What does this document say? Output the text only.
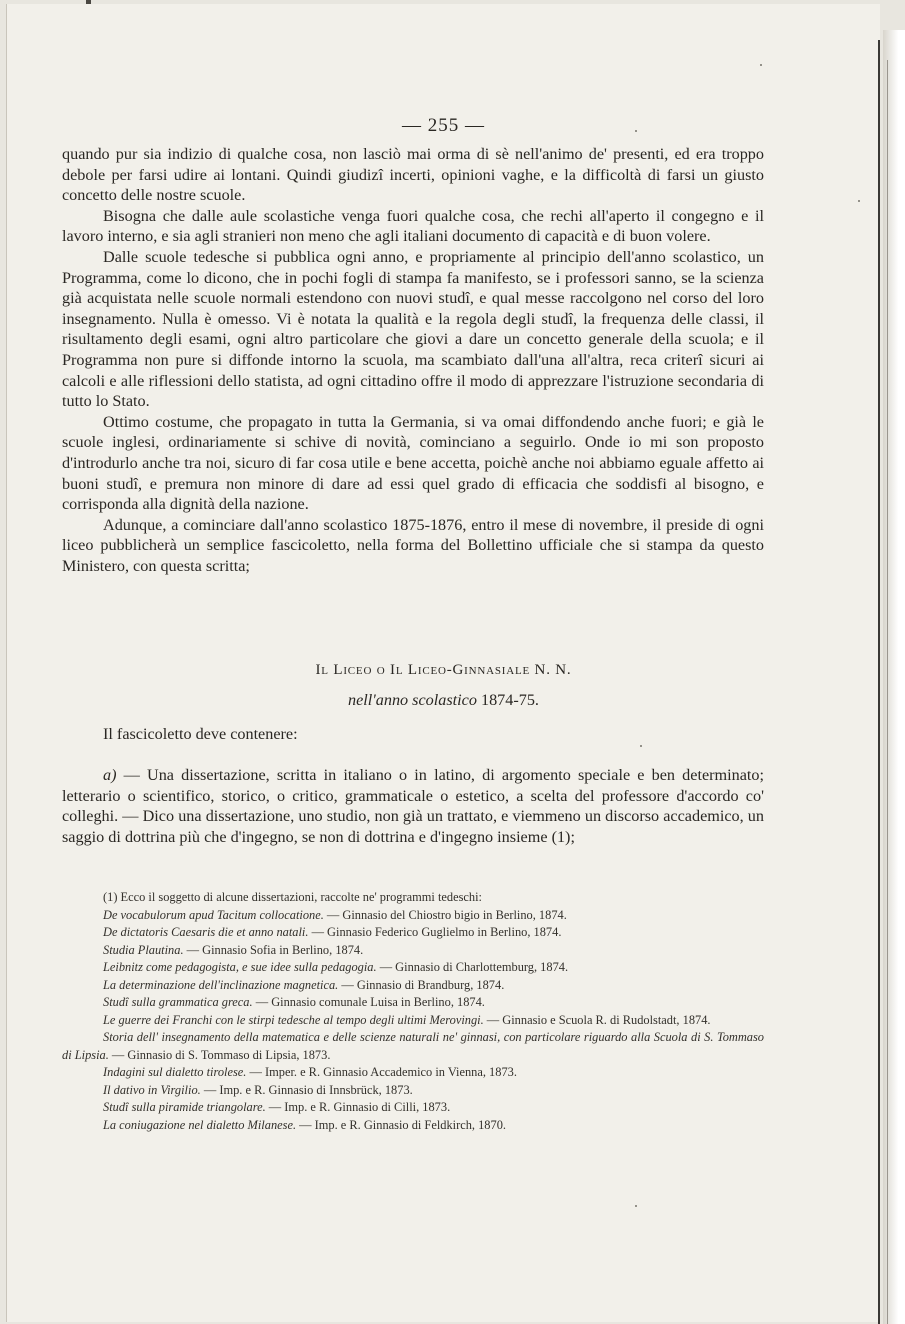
— 255 —

quando pur sia indizio di qualche cosa, non lasciò mai orma di sè nell'animo de' presenti, ed era troppo debole per farsi udire ai lontani. Quindi giudizî incerti, opinioni vaghe, e la difficoltà di farsi un giusto concetto delle nostre scuole.

Bisogna che dalle aule scolastiche venga fuori qualche cosa, che rechi all'aperto il congegno e il lavoro interno, e sia agli stranieri non meno che agli italiani documento di capacità e di buon volere.

Dalle scuole tedesche si pubblica ogni anno, e propriamente al principio dell'anno scolastico, un Programma, come lo dicono, che in pochi fogli di stampa fa manifesto, se i professori sanno, se la scienza già acquistata nelle scuole normali estendono con nuovi studî, e qual messe raccolgono nel corso del loro insegnamento. Nulla è omesso. Vi è notata la qualità e la regola degli studî, la frequenza delle classi, il risultamento degli esami, ogni altro particolare che giovi a dare un concetto generale della scuola; e il Programma non pure si diffonde intorno la scuola, ma scambiato dall'una all'altra, reca criterî sicuri ai calcoli e alle riflessioni dello statista, ad ogni cittadino offre il modo di apprezzare l'istruzione secondaria di tutto lo Stato.

Ottimo costume, che propagato in tutta la Germania, si va omai diffondendo anche fuori; e già le scuole inglesi, ordinariamente si schive di novità, cominciano a seguirlo. Onde io mi son proposto d'introdurlo anche tra noi, sicuro di far cosa utile e bene accetta, poichè anche noi abbiamo eguale affetto ai buoni studî, e premura non minore di dare ad essi quel grado di efficacia che soddisfi al bisogno, e corrisponda alla dignità della nazione.

Adunque, a cominciare dall'anno scolastico 1875-1876, entro il mese di novembre, il preside di ogni liceo pubblicherà un semplice fascicoletto, nella forma del Bollettino ufficiale che si stampa da questo Ministero, con questa scritta;

Il Liceo o Il Liceo-Ginnasiale N. N.
nell'anno scolastico 1874-75.
Il fascicoletto deve contenere:

a) — Una dissertazione, scritta in italiano o in latino, di argomento speciale e ben determinato; letterario o scientifico, storico, o critico, grammaticale o estetico, a scelta del professore d'accordo co' colleghi. — Dico una dissertazione, uno studio, non già un trattato, e viemmeno un discorso accademico, un saggio di dottrina più che d'ingegno, se non di dottrina e d'ingegno insieme (1);

(1) Ecco il soggetto di alcune dissertazioni, raccolte ne' programmi tedeschi:
De vocabulorum apud Tacitum collocatione. — Ginnasio del Chiostro bigio in Berlino, 1874.
De dictatoris Caesaris die et anno natali. — Ginnasio Federico Guglielmo in Berlino, 1874.
Studia Plautina. — Ginnasio Sofia in Berlino, 1874.
Leibnitz come pedagogista, e sue idee sulla pedagogia. — Ginnasio di Charlottemburg, 1874.
La determinazione dell'inclinazione magnetica. — Ginnasio di Brandburg, 1874.
Studî sulla grammatica greca. — Ginnasio comunale Luisa in Berlino, 1874.
Le guerre dei Franchi con le stirpi tedesche al tempo degli ultimi Merovingi. — Ginnasio e Scuola R. di Rudolstadt, 1874.
Storia dell' insegnamento della matematica e delle scienze naturali ne' ginnasi, con particolare riguardo alla Scuola di S. Tommaso di Lipsia. — Ginnasio di S. Tommaso di Lipsia, 1873.
Indagini sul dialetto tirolese. — Imper. e R. Ginnasio Accademico in Vienna, 1873.
Il dativo in Virgilio. — Imp. e R. Ginnasio di Innsbrück, 1873.
Studî sulla piramide triangolare. — Imp. e R. Ginnasio di Cilli, 1873.
La coniugazione nel dialetto Milanese. — Imp. e R. Ginnasio di Feldkirch, 1870.
